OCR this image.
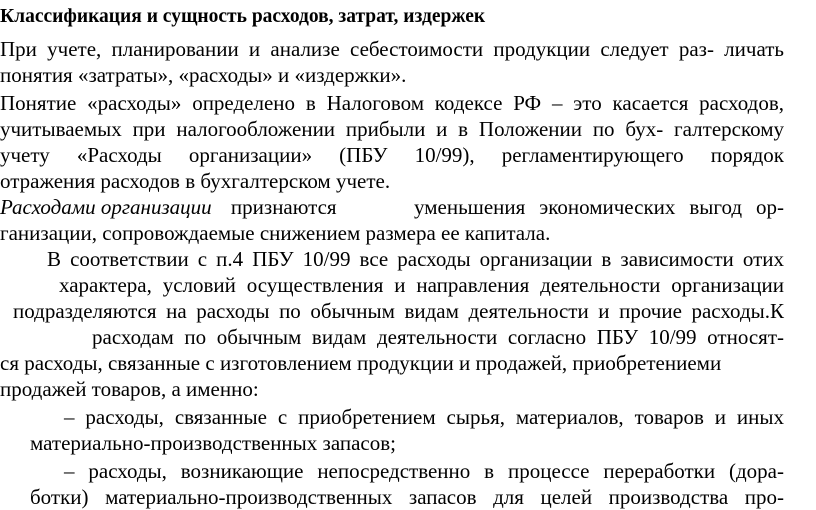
Классификация и сущность расходов, затрат, издержек

При учете, планировании и анализе себестоимости продукции следует раз- личать

понятия «затраты», «расходы» и «издержки».

Понятие «расходы» определено в Налоговом кодексе РФ – это касается расходов,

учитываемых при налогообложении прибыли и в Положении по бух- галтерскому

учету «Расходы организации» (ПБУ 10/99), регламентирующего порядок

отражения расходов в бухгалтерском учете.

Расходами организации признаются	уменьшения экономических выгод ор-

ганизации, сопровождаемые снижением размера ее капитала.

В соответствии с п.4 ПБУ 10/99 все расходы организации в зависимости отих

характера, условий осуществления и направления деятельности организации

подразделяются на расходы по обычным видам деятельности и прочие расходы.К

расходам по обычным видам деятельности согласно ПБУ 10/99 относят-

ся расходы, связанные с изготовлением продукции и продажей, приобретениеми

продажей товаров, а именно:

– расходы, связанные с приобретением сырья, материалов, товаров и иных

материально-производственных запасов;

– расходы, возникающие непосредственно в процессе переработки (дора-

ботки) материально-производственных запасов для целей производства про-
